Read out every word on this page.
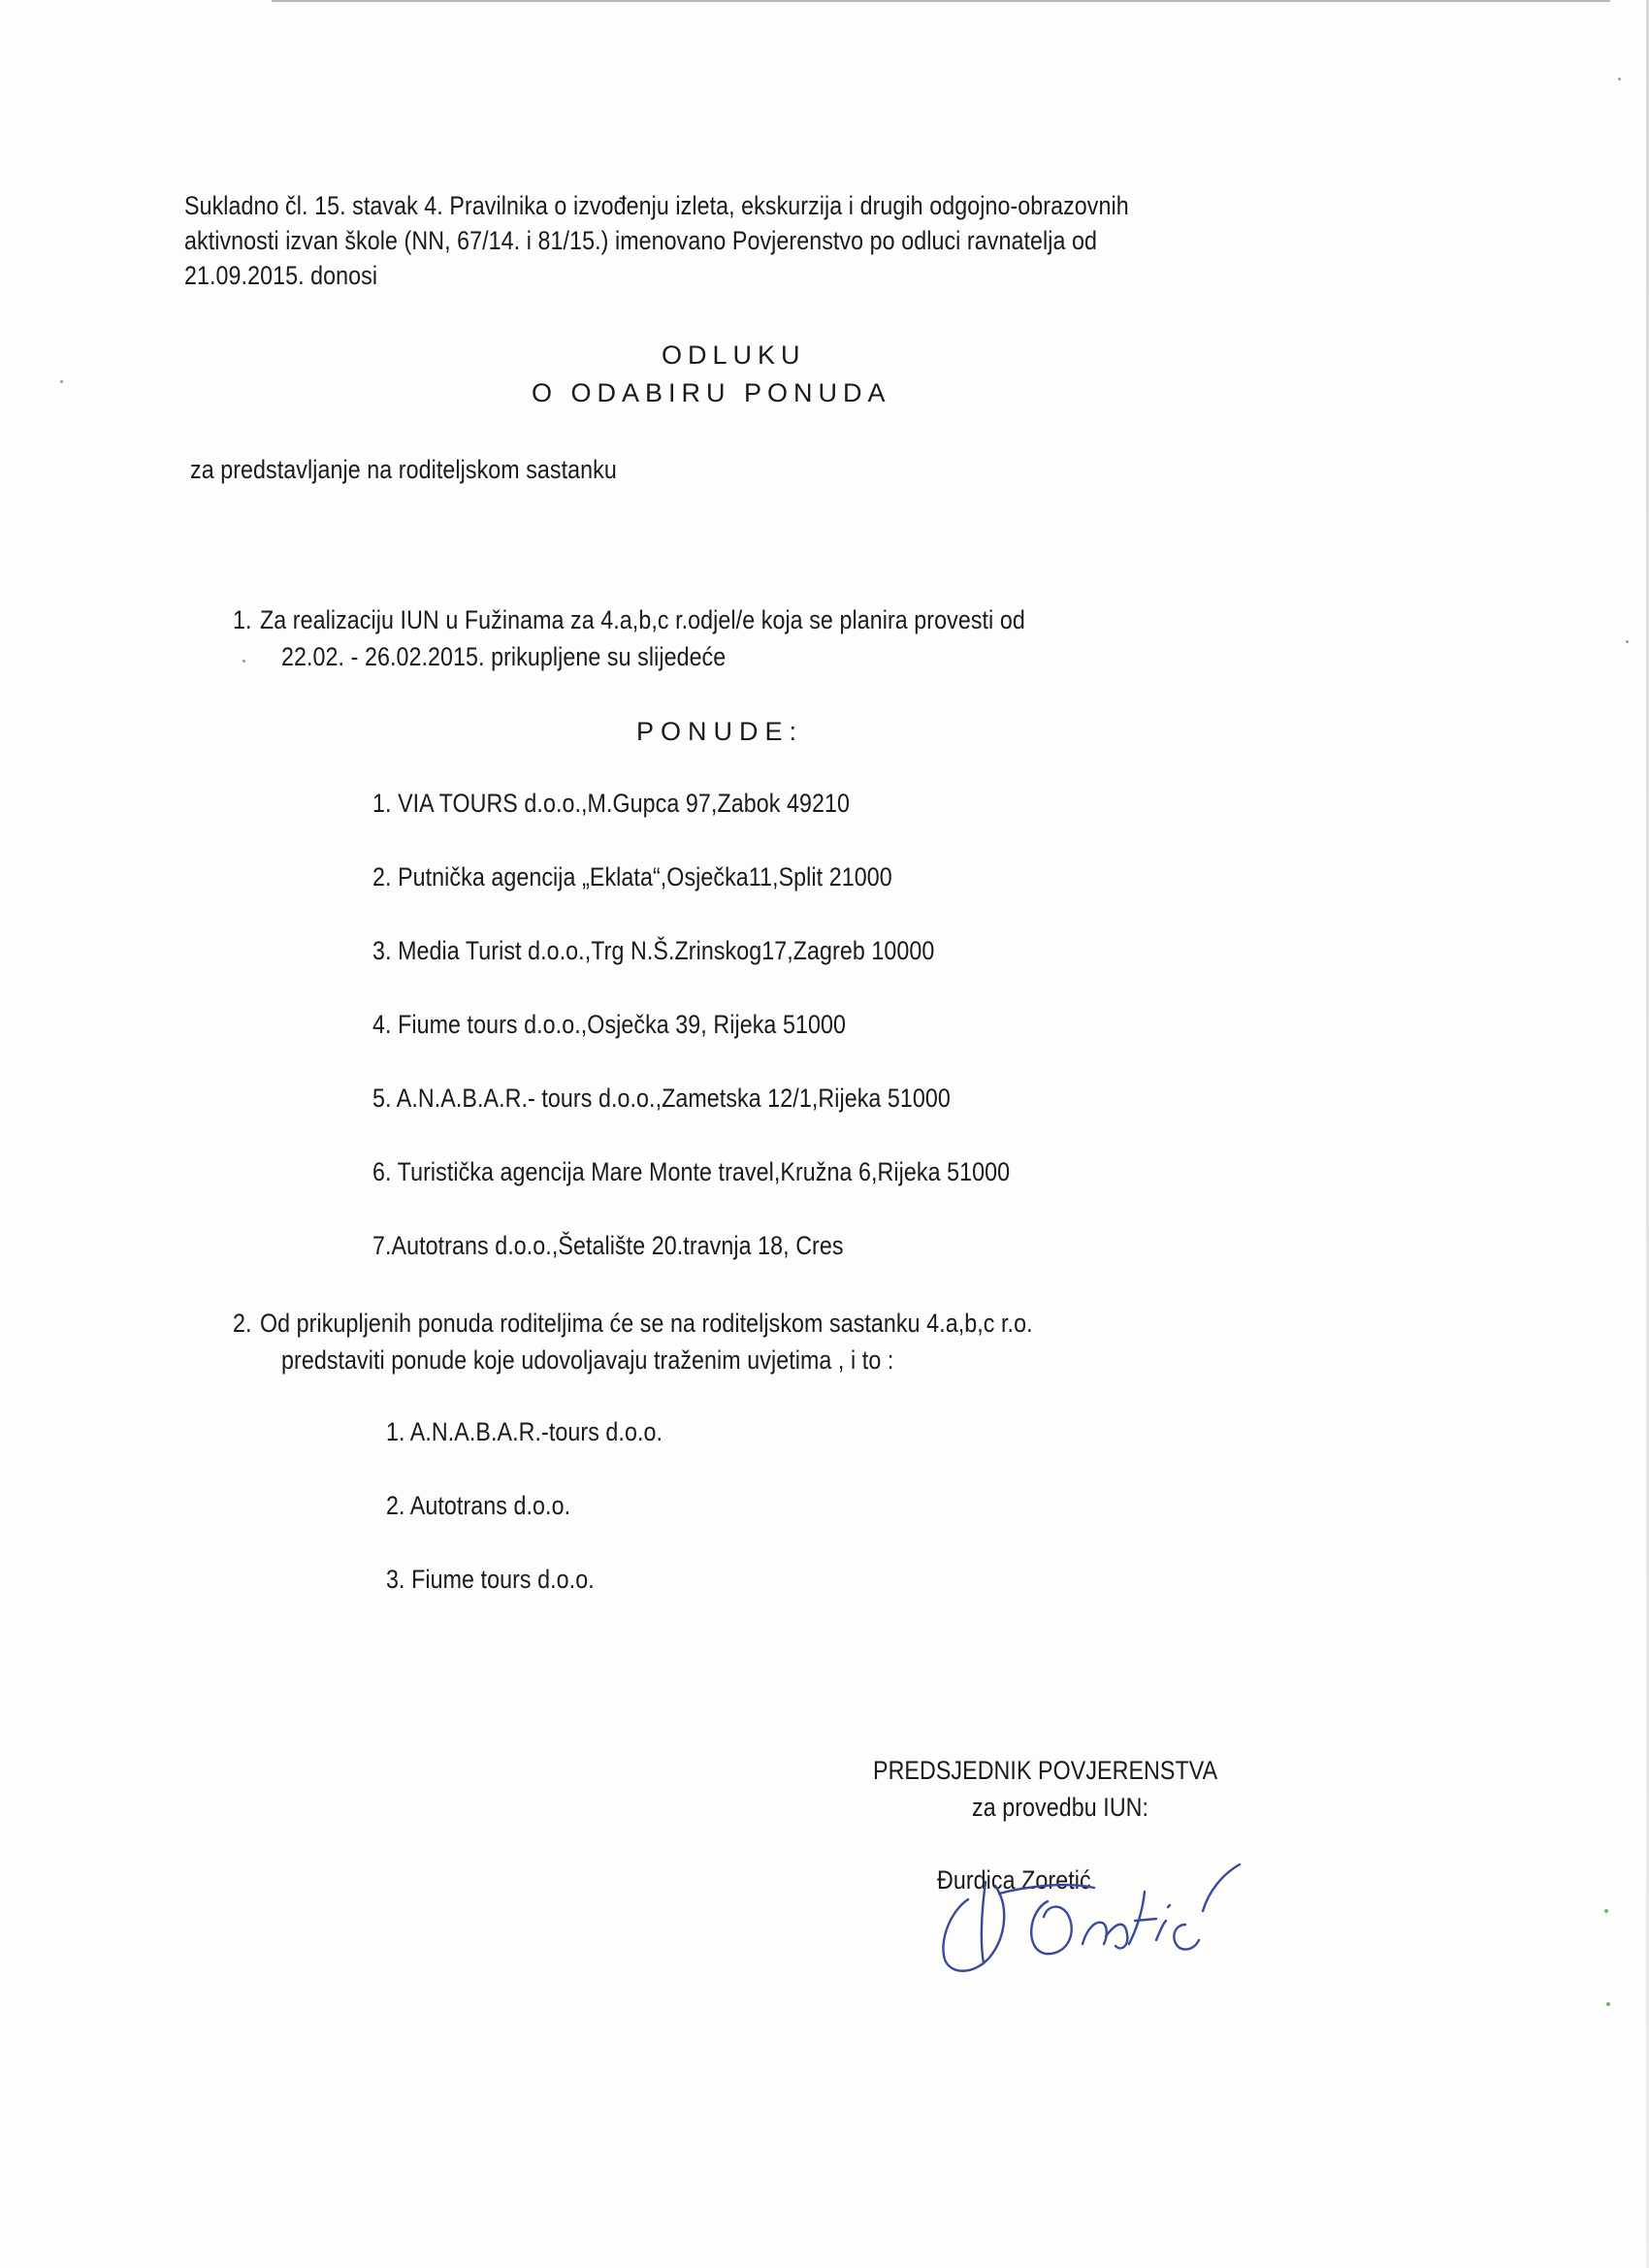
Sukladno čl. 15. stavak 4. Pravilnika o izvođenju izleta, ekskurzija i drugih odgojno-obrazovnih
aktivnosti izvan škole (NN, 67/14. i 81/15.) imenovano Povjerenstvo po odluci ravnatelja od
21.09.2015. donosi
ODLUKU
O ODABIRU PONUDA
za predstavljanje na roditeljskom sastanku
1. Za realizaciju IUN u Fužinama za 4.a,b,c r.odjel/e koja se planira provesti od
22.02. - 26.02.2015. prikupljene su slijedeće
PONUDE:
1. VIA TOURS d.o.o.,M.Gupca 97,Zabok 49210
2. Putnička agencija „Eklata“,Osječka11,Split 21000
3. Media Turist d.o.o.,Trg N.Š.Zrinskog17,Zagreb 10000
4. Fiume tours d.o.o.,Osječka 39, Rijeka 51000
5. A.N.A.B.A.R.- tours d.o.o.,Zametska 12/1,Rijeka 51000
6. Turistička agencija Mare Monte travel,Kružna 6,Rijeka 51000
7.Autotrans d.o.o.,Šetalište 20.travnja 18, Cres
2. Od prikupljenih ponuda roditeljima će se na roditeljskom sastanku 4.a,b,c r.o.
predstaviti ponude koje udovoljavaju traženim uvjetima , i to :
1. A.N.A.B.A.R.-tours d.o.o.
2. Autotrans d.o.o.
3. Fiume tours d.o.o.
PREDSJEDNIK POVJERENSTVA
za provedbu IUN:
Đurdica Zoretić
